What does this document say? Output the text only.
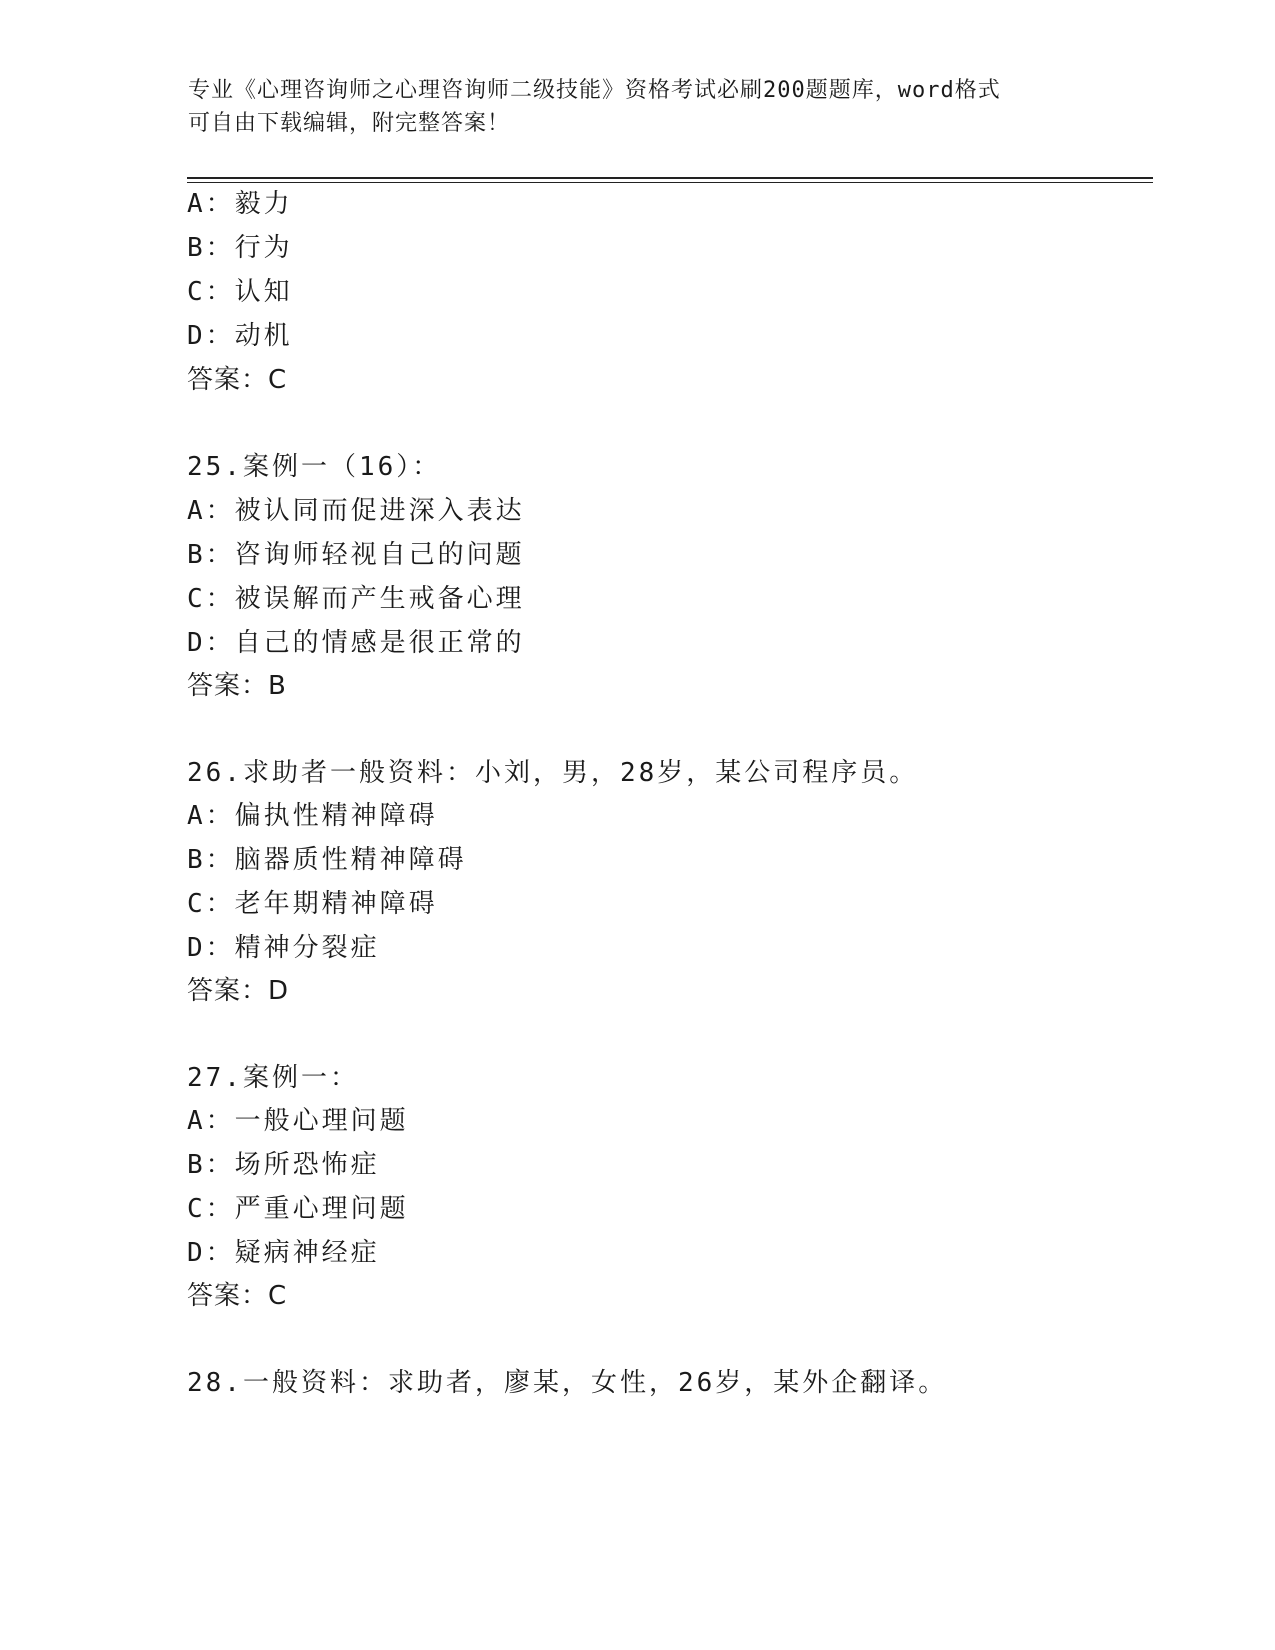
专业《心理咨询师之心理咨询师二级技能》资格考试必刷200题题库，word格式
可自由下载编辑，附完整答案！
A：毅力
B：行为
C：认知
D：动机
答案：C
25.案例一（16）：
A：被认同而促进深入表达
B：咨询师轻视自己的问题
C：被误解而产生戒备心理
D：自己的情感是很正常的
答案：B
26.求助者一般资料：小刘，男，28岁，某公司程序员。
A：偏执性精神障碍
B：脑器质性精神障碍
C：老年期精神障碍
D：精神分裂症
答案：D
27.案例一：
A：一般心理问题
B：场所恐怖症
C：严重心理问题
D：疑病神经症
答案：C
28.一般资料：求助者，廖某，女性，26岁，某外企翻译。
